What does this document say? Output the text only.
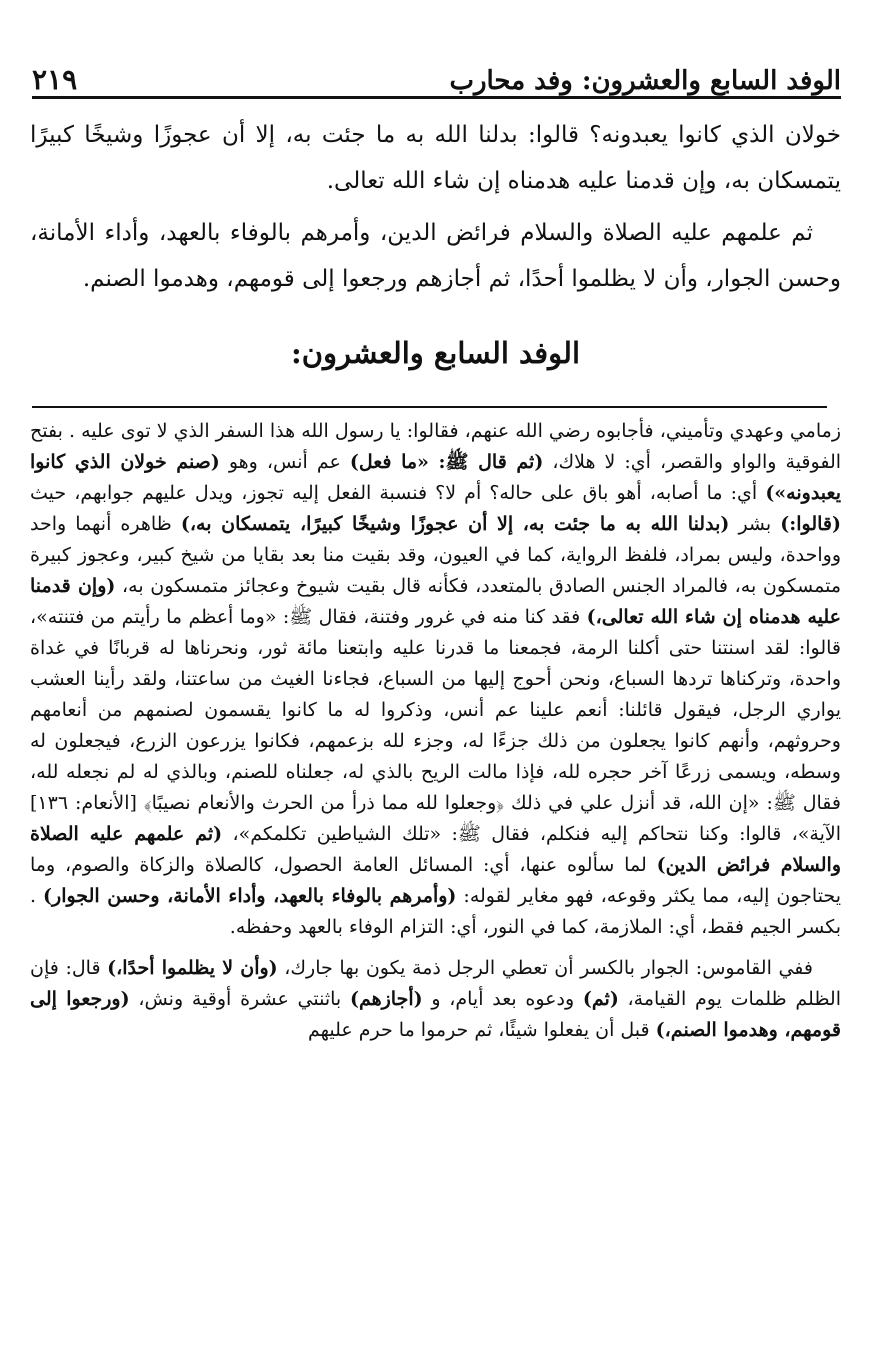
الوفد السابع والعشرون: وفد محارب
٢١٩

خولان الذي كانوا يعبدونه؟ قالوا: بدلنا الله به ما جئت به، إلا أن عجوزًا وشيخًا كبيرًا يتمسكان به، وإن قدمنا عليه هدمناه إن شاء الله تعالى.

ثم علمهم عليه الصلاة والسلام فرائض الدين، وأمرهم بالوفاء بالعهد، وأداء الأمانة، وحسن الجوار، وأن لا يظلموا أحدًا، ثم أجازهم ورجعوا إلى قومهم، وهدموا الصنم.

الوفد السابع والعشرون:

زمامي وعهدي وتأميني، فأجابوه رضي الله عنهم، فقالوا: يا رسول الله هذا السفر الذي لا توى عليه . بفتح الفوقية والواو والقصر، أي: لا هلاك، (ثم قال ﷺ: «ما فعل) عم أنس، وهو (صنم خولان الذي كانوا يعبدونه») أي: ما أصابه، أهو باق على حاله؟ أم لا؟ فنسبة الفعل إليه تجوز، ويدل عليهم جوابهم، حيث (قالوا:) بشر (بدلنا الله به ما جئت به، إلا أن عجوزًا وشيخًا كبيرًا، يتمسكان به،) ظاهره أنهما واحد وواحدة، وليس بمراد، فلفظ الرواية، كما في العيون، وقد بقيت منا بعد بقايا من شيخ كبير، وعجوز كبيرة متمسكون به، فالمراد الجنس الصادق بالمتعدد، فكأنه قال بقيت شيوخ وعجائز متمسكون به، (وإن قدمنا عليه هدمناه إن شاء الله تعالى،) فقد كنا منه في غرور وفتنة، فقال ﷺ: «وما أعظم ما رأيتم من فتنته»، قالوا: لقد اسنتنا حتى أكلنا الرمة، فجمعنا ما قدرنا عليه وابتعنا مائة ثور، ونحرناها له قربانًا في غداة واحدة، وتركناها تردها السباع، ونحن أحوج إليها من السباع، فجاءنا الغيث من ساعتنا، ولقد رأينا العشب يواري الرجل، فيقول قائلنا: أنعم علينا عم أنس، وذكروا له ما كانوا يقسمون لصنمهم من أنعامهم وحروثهم، وأنهم كانوا يجعلون من ذلك جزءًا له، وجزء لله بزعمهم، فكانوا يزرعون الزرع، فيجعلون له وسطه، ويسمى زرعًا آخر حجره لله، فإذا مالت الريح بالذي له، جعلناه للصنم، وبالذي له لم نجعله لله، فقال ﷺ: «إن الله، قد أنزل علي في ذلك ﴿وجعلوا لله مما ذرأ من الحرث والأنعام نصيبًا﴾ [الأنعام: ١٣٦] الآية»، قالوا: وكنا نتحاكم إليه فنكلم، فقال ﷺ: «تلك الشياطين تكلمكم»، (ثم علمهم عليه الصلاة والسلام فرائض الدين) لما سألوه عنها، أي: المسائل العامة الحصول، كالصلاة والزكاة والصوم، وما يحتاجون إليه، مما يكثر وقوعه، فهو مغاير لقوله: (وأمرهم بالوفاء بالعهد، وأداء الأمانة، وحسن الجوار) . بكسر الجيم فقط، أي: الملازمة، كما في النور، أي: التزام الوفاء بالعهد وحفظه.

ففي القاموس: الجوار بالكسر أن تعطي الرجل ذمة يكون بها جارك، (وأن لا يظلموا أحدًا،) قال: فإن الظلم ظلمات يوم القيامة، (ثم) ودعوه بعد أيام، و (أجازهم) باثنتي عشرة أوقية ونش، (ورجعوا إلى قومهم، وهدموا الصنم،) قبل أن يفعلوا شيئًا، ثم حرموا ما حرم عليهم
